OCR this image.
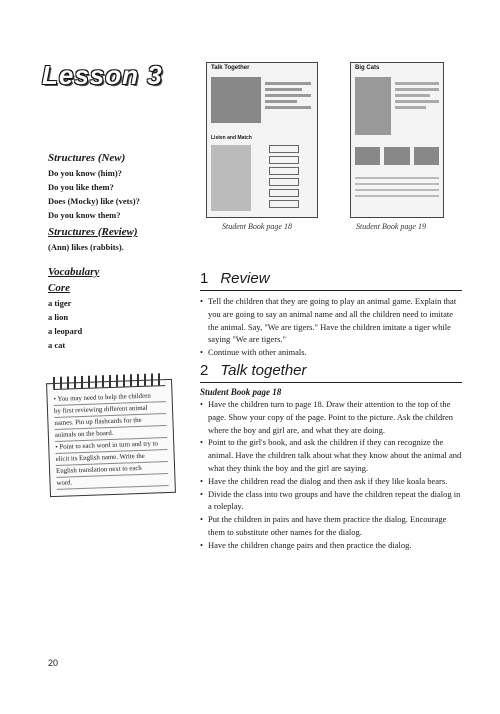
Lesson 3	Talk Together
Listen and Match
Student Book page 18
Big Cats
Student Book page 19
Structures (New)
Do you know (him)?
Do you like them?
Does (Mocky) like (vets)?
Do you know them?
Structures (Review)
(Ann) likes (rabbits).
Vocabulary
Core
a tiger
a lion
a leopard
a cat
• You may need to help the children
by first reviewing different animal
names. Pin up flashcards for the
animals on the board.
• Point to each word in turn and try to
elicit its English name. Write the
English translation next to each
word.
1 Review
• Tell the children that they are going to play an animal game. Explain that you are going to say an animal name and all the children need to imitate the animal. Say, "We are tigers." Have the children imitate a tiger while saying "We are tigers."
• Continue with other animals.
2 Talk together
Student Book page 18
• Have the children turn to page 18. Draw their attention to the top of the page. Show your copy of the page. Point to the picture. Ask the children where the boy and girl are, and what they are doing.
• Point to the girl's book, and ask the children if they can recognize the animal. Have the children talk about what they know about the animal and what they think the boy and the girl are saying.
• Have the children read the dialog and then ask if they like koala bears.
• Divide the class into two groups and have the children repeat the dialog in a roleplay.
• Put the children in pairs and have them practice the dialog. Encourage them to substitute other names for the dialog.
• Have the children change pairs and then practice the dialog.
20
